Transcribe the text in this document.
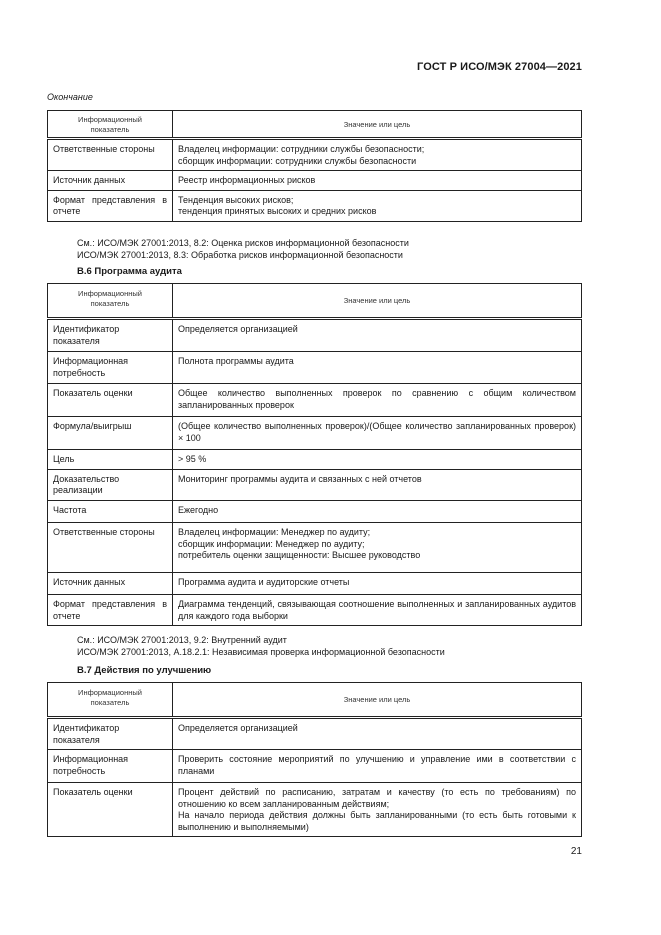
ГОСТ Р ИСО/МЭК 27004—2021
Окончание
Информационный
показатель	Значение или цель
Ответственные стороны	Владелец информации: сотрудники службы безопасности;
сборщик информации: сотрудники службы безопасности

Источник данных	Реестр информационных рисков

Формат представления в отчете	Тенденция высоких рисков;
тенденция принятых высоких и средних рисков
См.: ИСО/МЭК 27001:2013, 8.2: Оценка рисков информационной безопасности
ИСО/МЭК 27001:2013, 8.3: Обработка рисков информационной безопасности
В.6 Программа аудита
Информационный
показатель	Значение или цель
Идентификатор показателя	Определяется организацией

Информационная потребность	Полнота программы аудита

Показатель оценки	Общее количество выполненных проверок по сравнению с общим количеством запланированных проверок

Формула/выигрыш	(Общее количество выполненных проверок)/(Общее количество запланированных проверок) × 100

Цель	> 95 %

Доказательство реализации	Мониторинг программы аудита и связанных с ней отчетов

Частота	Ежегодно

Ответственные стороны	Владелец информации: Менеджер по аудиту;
сборщик информации: Менеджер по аудиту;
потребитель оценки защищенности: Высшее руководство

Источник данных	Программа аудита и аудиторские отчеты

Формат представления в отчете	Диаграмма тенденций, связывающая соотношение выполненных и запланированных аудитов для каждого года выборки
См.: ИСО/МЭК 27001:2013, 9.2: Внутренний аудит
ИСО/МЭК 27001:2013, А.18.2.1: Независимая проверка информационной безопасности
В.7 Действия по улучшению
Информационный
показатель	Значение или цель
Идентификатор показателя	Определяется организацией

Информационная потребность	Проверить состояние мероприятий по улучшению и управление ими в соответствии с планами

Показатель оценки	Процент действий по расписанию, затратам и качеству (то есть по требованиям) по отношению ко всем запланированным действиям;
На начало периода действия должны быть запланированными (то есть быть готовыми к выполнению и выполняемыми)
21
